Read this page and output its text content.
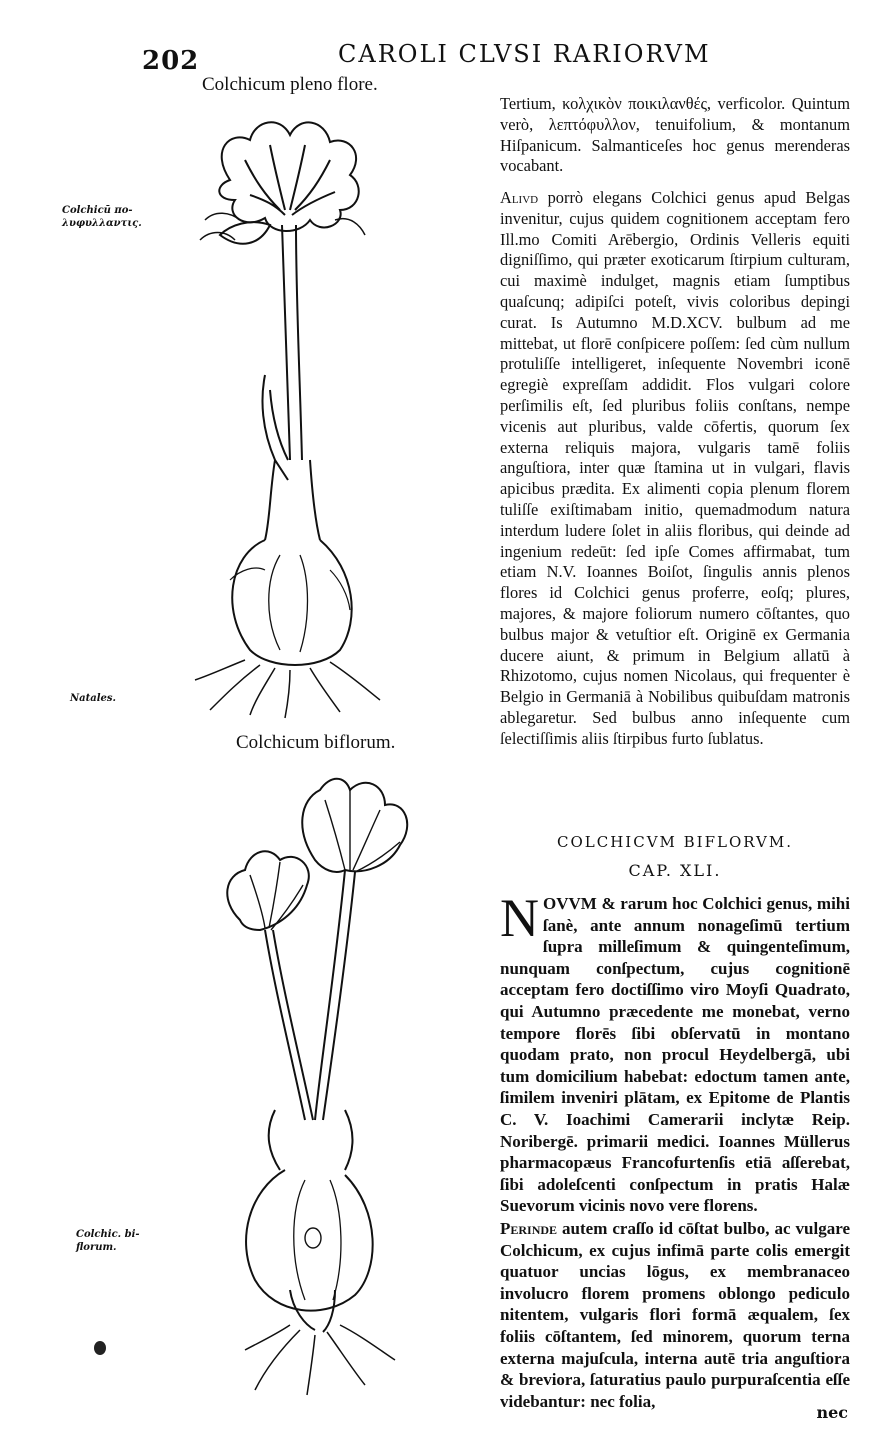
202	CAROLI CLVSI RARIORVM
Colchicum pleno flore.
Colchicum biflorum.
Colchicū πο-λυφυλλαντις.
Natales.
Colchic. bi-florum.

Tertium, κολχικὸν ποικιλανθές, verficolor. Quintum verò, λεπτόφυλλον, tenuifolium, & montanum Hiſpanicum. Salmanticeſes hoc genus merenderas vocabant.

Alivd porrò elegans Colchici genus apud Belgas invenitur, cujus quidem cognitionem acceptam fero Ill.mo Comiti Arēbergio, Ordinis Velleris equiti digniſſimo, qui præter exoticarum ſtirpium culturam, cui maximè indulget, magnis etiam ſumptibus quaſcunq; adipiſci poteſt, vivis coloribus depingi curat. Is Autumno M.D.XCV. bulbum ad me mittebat, ut florē conſpicere poſſem: ſed cùm nullum protuliſſe intelligeret, inſequente Novembri iconē egregiè expreſſam addidit. Flos vulgari colore perſimilis eſt, ſed pluribus foliis conſtans, nempe vicenis aut pluribus, valde cōfertis, quorum ſex externa reliquis majora, vulgaris tamē foliis anguſtiora, inter quæ ſtamina ut in vulgari, flavis apicibus prædita. Ex alimenti copia plenum florem tuliſſe exiſtimabam initio, quemadmodum natura interdum ludere ſolet in aliis floribus, qui deinde ad ingenium redeūt: ſed ipſe Comes affirmabat, tum etiam N.V. Ioannes Boiſot, ſingulis annis plenos flores id Colchici genus proferre, eoſq; plures, majores, & majore foliorum numero cōſtantes, quo bulbus major & vetuſtior eſt. Originē ex Germania ducere aiunt, & primum in Belgium allatū à Rhizotomo, cujus nomen Nicolaus, qui frequenter è Belgio in Germaniā à Nobilibus quibuſdam matronis ablegaretur. Sed bulbus anno inſequente cum ſelectiſſimis aliis ſtirpibus furto ſublatus.

COLCHICVM BIFLORVM.
CAP. XLI.

NOVVM & rarum hoc Colchici genus, mihi ſanè, ante annum nonageſimū tertium ſupra milleſimum & quingenteſimum, nunquam conſpectum, cujus cognitionē acceptam fero doctiſſimo viro Moyſi Quadrato, qui Autumno præcedente me monebat, verno tempore florēs ſibi obſervatū in montano quodam prato, non procul Heydelbergā, ubi tum domicilium habebat: edoctum tamen ante, ſimilem inveniri plātam, ex Epitome de Plantis C. V. Ioachimi Camerarii inclytæ Reip. Noribergē. primarii medici. Ioannes Müllerus pharmacopæus Francofurtenſis etiā aſſerebat, ſibi adoleſcenti conſpectum in pratis Halæ Suevorum vicinis novo vere florens.

Perinde autem craſſo id cōſtat bulbo, ac vulgare Colchicum, ex cujus infimā parte colis emergit quatuor uncias lōgus, ex membranaceo involucro florem promens oblongo pediculo nitentem, vulgaris flori formā æqualem, ſex foliis cōſtantem, ſed minorem, quorum terna externa majuſcula, interna autē tria anguſtiora & breviora, ſaturatius paulo purpuraſcentia eſſe videbantur: nec folia,

nec
